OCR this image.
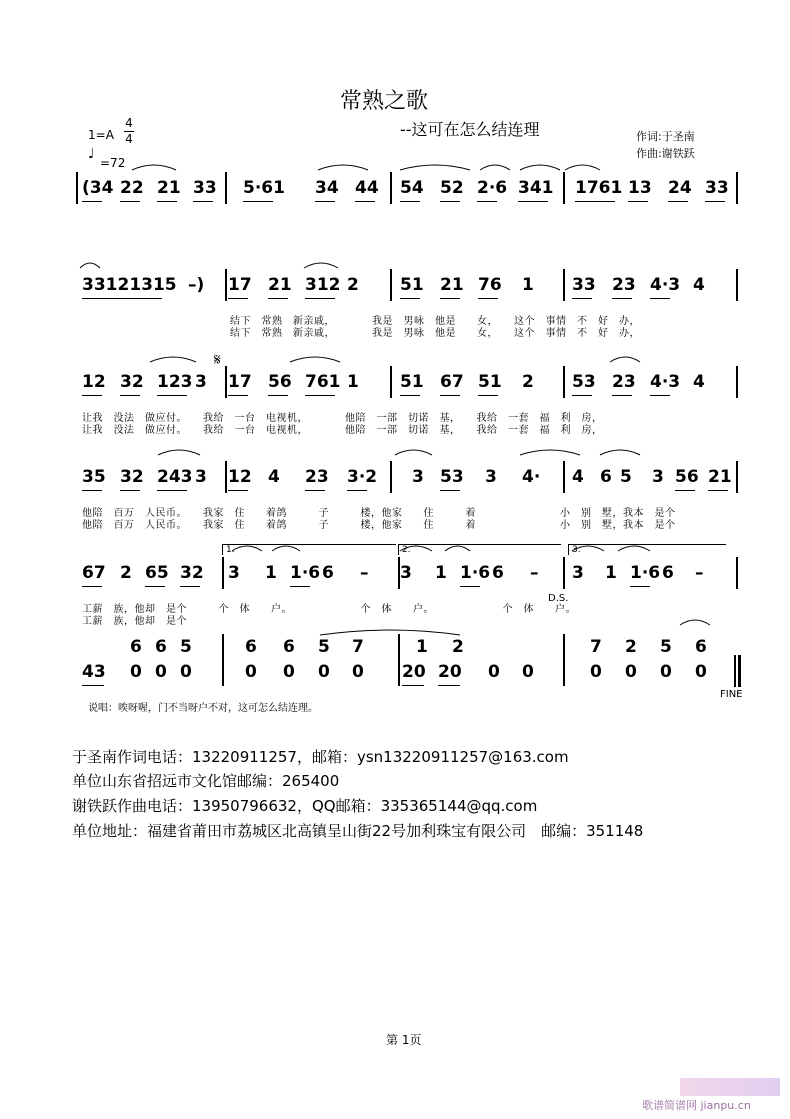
常熟之歌
--这可在怎么结连理	作词:于圣南
作曲:谢铁跃
1=A
4
4
♩
=72
(34 22 21 33 5·61 34 44 54 52 2·6 341 1761 13 24 33
33121315 –) 17 21 312 2 51 21 76 1 33 23 4·3 4
结下　常熟　新亲戚，　　　　我是　男咏　他是　　女，　　这个　事情　不　好　办，
结下　常熟　新亲戚，　　　　我是　男咏　他是　　女，　　这个　事情　不　好　办，
12 32 123 3 17 56 761 1 51 67 51 2 53 23 4·3 4
让我　没法　做应付。　　我给　一台　电视机，　　　　他陪　一部　切诺　基，　　我给　一套　福　利　房，
让我　没法　做应付。　　我给　一台　电视机，　　　　他陪　一部　切诺　基，　　我给　一套　福　利　房，
35 32 243 3 12 4 23 3·2 3 53 3 4· 4 6 5 3 56 21
他陪　百万　人民币。　　我家　住　　着鸽　　　子　　　楼，他家　　住　　　着　　　　　　　　小　别　墅，我本　是个
他陪　百万　人民币。　　我家　住　　着鸽　　　子　　　楼，他家　　住　　　着　　　　　　　　小　别　墅，我本　是个
67 2 65 32 3 1 1·6 6 – 3 1 1·6 6 – 3 1 1·6 6 –
工薪　族，他却　是个　　　个　体　　户。　　　　　　　个　体　　户。　　　　　　　个　体　　户。
工薪　族，他却　是个
1.	2.	3.
D.S.
𝄋
6 6 5	6 6 5 7	1 2	7 2 5 6
43 0 0 0	0 0 0 0 20 20 0 0	0 0 0 0
FINE
说唱：唉呀喔，门不当呀户不对，这可怎么结连理。
于圣南作词电话：13220911257，邮箱：ysn13220911257@163.com
单位山东省招远市文化馆邮编：265400
谢铁跃作曲电话：13950796632，QQ邮箱：335365144@qq.com
单位地址：福建省莆田市荔城区北高镇呈山街22号加利珠宝有限公司　邮编：351148
第 1页
歌谱简谱网 jianpu.cn
